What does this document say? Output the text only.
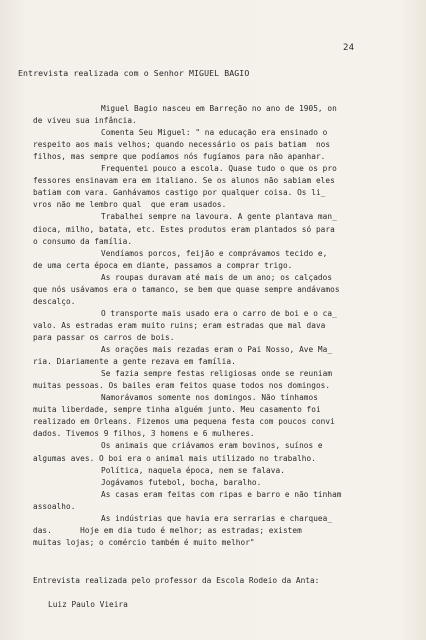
24
Entrevista realizada com o Senhor MIGUEL BAGIO
Miguel Bagio nasceu em Barreção no ano de 1905, on
de viveu sua infância.
Comenta Seu Miguel: " na educação era ensinado o
respeito aos mais velhos; quando necessário os pais batiam  nos
filhos, mas sempre que podíamos nós fugíamos para não apanhar.
Frequentei pouco a escola. Quase tudo o que os pro
fessores ensinavam era em italiano. Se os alunos não sabiam eles
batiam com vara. Ganhávamos castigo por qualquer coisa. Os li_
vros não me lembro qual  que eram usados.
Trabalhei sempre na lavoura. A gente plantava man_
dioca, milho, batata, etc. Estes produtos eram plantados só para
o consumo da família.
Vendíamos porcos, feijão e comprávamos tecido e,
de uma certa época em diante, passamos a comprar trigo.
As roupas duravam até mais de um ano; os calçados
que nós usávamos era o tamanco, se bem que quase sempre andávamos
descalço.
O transporte mais usado era o carro de boi e o ca_
valo. As estradas eram muito ruins; eram estradas que mal dava
para passar os carros de bois.
As orações mais rezadas eram o Pai Nosso, Ave Ma_
ria. Diariamente a gente rezava em família.
Se fazia sempre festas religiosas onde se reuniam
muitas pessoas. Os bailes eram feitos quase todos nos domingos.
Namorávamos somente nos domingos. Não tínhamos
muita liberdade, sempre tinha alguém junto. Meu casamento foi
realizado em Orleans. Fizemos uma pequena festa com poucos convi
dados. Tivemos 9 filhos, 3 homens e 6 mulheres.
Os animais que criávamos eram bovinos, suínos e
algumas aves. O boi era o animal mais utilizado no trabalho.
Política, naquela época, nem se falava.
Jogávamos futebol, bocha, baralho.
As casas eram feitas com ripas e barro e não tinham
assoalho.
As indústrias que havia era serrarias e charquea_
das.      Hoje em dia tudo é melhor; as estradas; existem
muitas lojas; o comércio também é muito melhor"
Entrevista realizada pelo professor da Escola Rodeio da Anta:
Luiz Paulo Vieira
